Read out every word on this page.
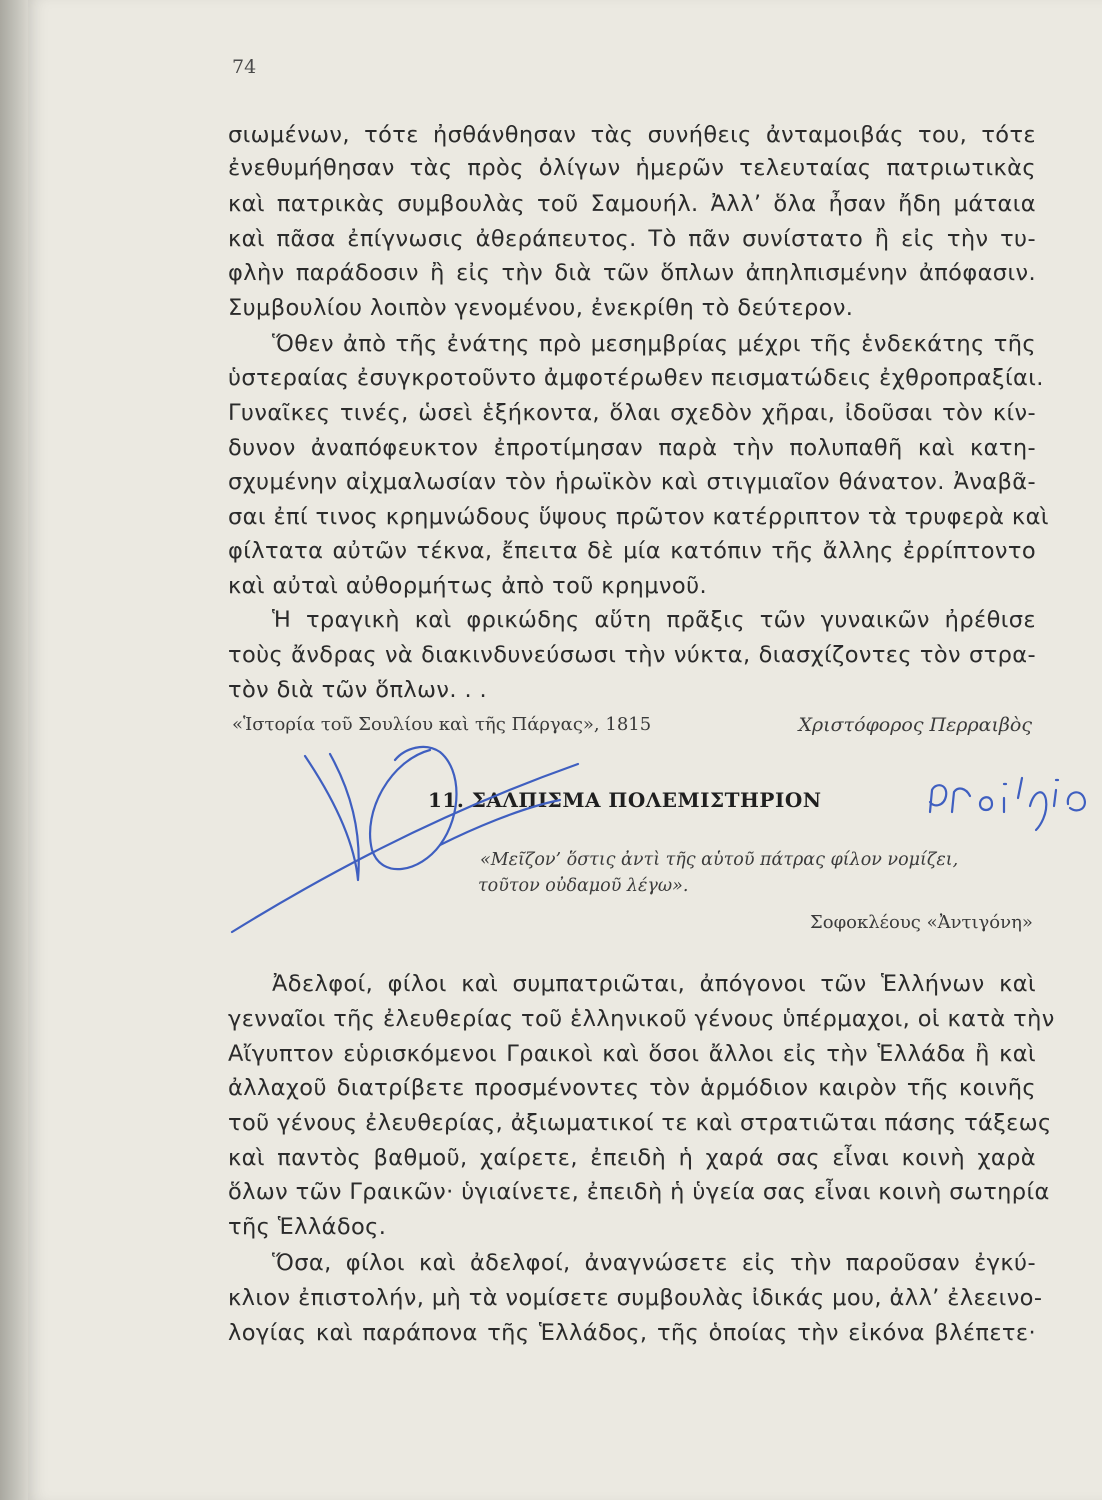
74
σιωμένων, τότε ἠσθάνθησαν τὰς συνήθεις ἀνταμοιβάς του, τότε
ἐνεθυμήθησαν τὰς πρὸς ὀλίγων ἡμερῶν τελευταίας πατριωτικὰς
καὶ πατρικὰς συμβουλὰς τοῦ Σαμουήλ. Ἀλλ’ ὅλα ἦσαν ἤδη μάταια
καὶ πᾶσα ἐπίγνωσις ἀθεράπευτος. Τὸ πᾶν συνίστατο ἢ εἰς τὴν τυ-
φλὴν παράδοσιν ἢ εἰς τὴν διὰ τῶν ὅπλων ἀπηλπισμένην ἀπόφασιν.
Συμβουλίου λοιπὸν γενομένου, ἐνεκρίθη τὸ δεύτερον.
Ὅθεν ἀπὸ τῆς ἐνάτης πρὸ μεσημβρίας μέχρι τῆς ἑνδεκάτης τῆς
ὑστεραίας ἐσυγκροτοῦντο ἀμφοτέρωθεν πεισματώδεις ἐχθροπραξίαι.
Γυναῖκες τινές, ὡσεὶ ἑξήκοντα, ὅλαι σχεδὸν χῆραι, ἰδοῦσαι τὸν κίν-
δυνον ἀναπόφευκτον ἐπροτίμησαν παρὰ τὴν πολυπαθῆ καὶ κατη-
σχυμένην αἰχμαλωσίαν τὸν ἡρωϊκὸν καὶ στιγμιαῖον θάνατον. Ἀναβᾶ-
σαι ἐπί τινος κρημνώδους ὕψους πρῶτον κατέρριπτον τὰ τρυφερὰ καὶ
φίλτατα αὐτῶν τέκνα, ἔπειτα δὲ μία κατόπιν τῆς ἄλλης ἐρρίπτοντο
καὶ αὐταὶ αὐθορμήτως ἀπὸ τοῦ κρημνοῦ.
Ἡ τραγικὴ καὶ φρικώδης αὕτη πρᾶξις τῶν γυναικῶν ἠρέθισε
τοὺς ἄνδρας νὰ διακινδυνεύσωσι τὴν νύκτα, διασχίζοντες τὸν στρα-
τὸν διὰ τῶν ὅπλων. . .
«Ἱστορία τοῦ Σουλίου καὶ τῆς Πάργας», 1815	Χριστόφορος Περραιβὸς
11. ΣΑΛΠΙΣΜΑ ΠΟΛΕΜΙΣΤΗΡΙΟΝ
«Μεῖζον’ ὅστις ἀντὶ τῆς αὑτοῦ πάτρας φίλον νομίζει,
τοῦτον οὐδαμοῦ λέγω».
Σοφοκλέους «Ἀντιγόνη»
Ἀδελφοί, φίλοι καὶ συμπατριῶται, ἀπόγονοι τῶν Ἑλλήνων καὶ
γενναῖοι τῆς ἐλευθερίας τοῦ ἑλληνικοῦ γένους ὑπέρμαχοι, οἱ κατὰ τὴν
Αἴγυπτον εὑρισκόμενοι Γραικοὶ καὶ ὅσοι ἄλλοι εἰς τὴν Ἑλλάδα ἢ καὶ
ἀλλαχοῦ διατρίβετε προσμένοντες τὸν ἁρμόδιον καιρὸν τῆς κοινῆς
τοῦ γένους ἐλευθερίας, ἀξιωματικοί τε καὶ στρατιῶται πάσης τάξεως
καὶ παντὸς βαθμοῦ, χαίρετε, ἐπειδὴ ἡ χαρά σας εἶναι κοινὴ χαρὰ
ὅλων τῶν Γραικῶν· ὑγιαίνετε, ἐπειδὴ ἡ ὑγεία σας εἶναι κοινὴ σωτηρία
τῆς Ἑλλάδος.
Ὅσα, φίλοι καὶ ἀδελφοί, ἀναγνώσετε εἰς τὴν παροῦσαν ἐγκύ-
κλιον ἐπιστολήν, μὴ τὰ νομίσετε συμβουλὰς ἰδικάς μου, ἀλλ’ ἐλεεινο-
λογίας καὶ παράπονα τῆς Ἑλλάδος, τῆς ὁποίας τὴν εἰκόνα βλέπετε·
